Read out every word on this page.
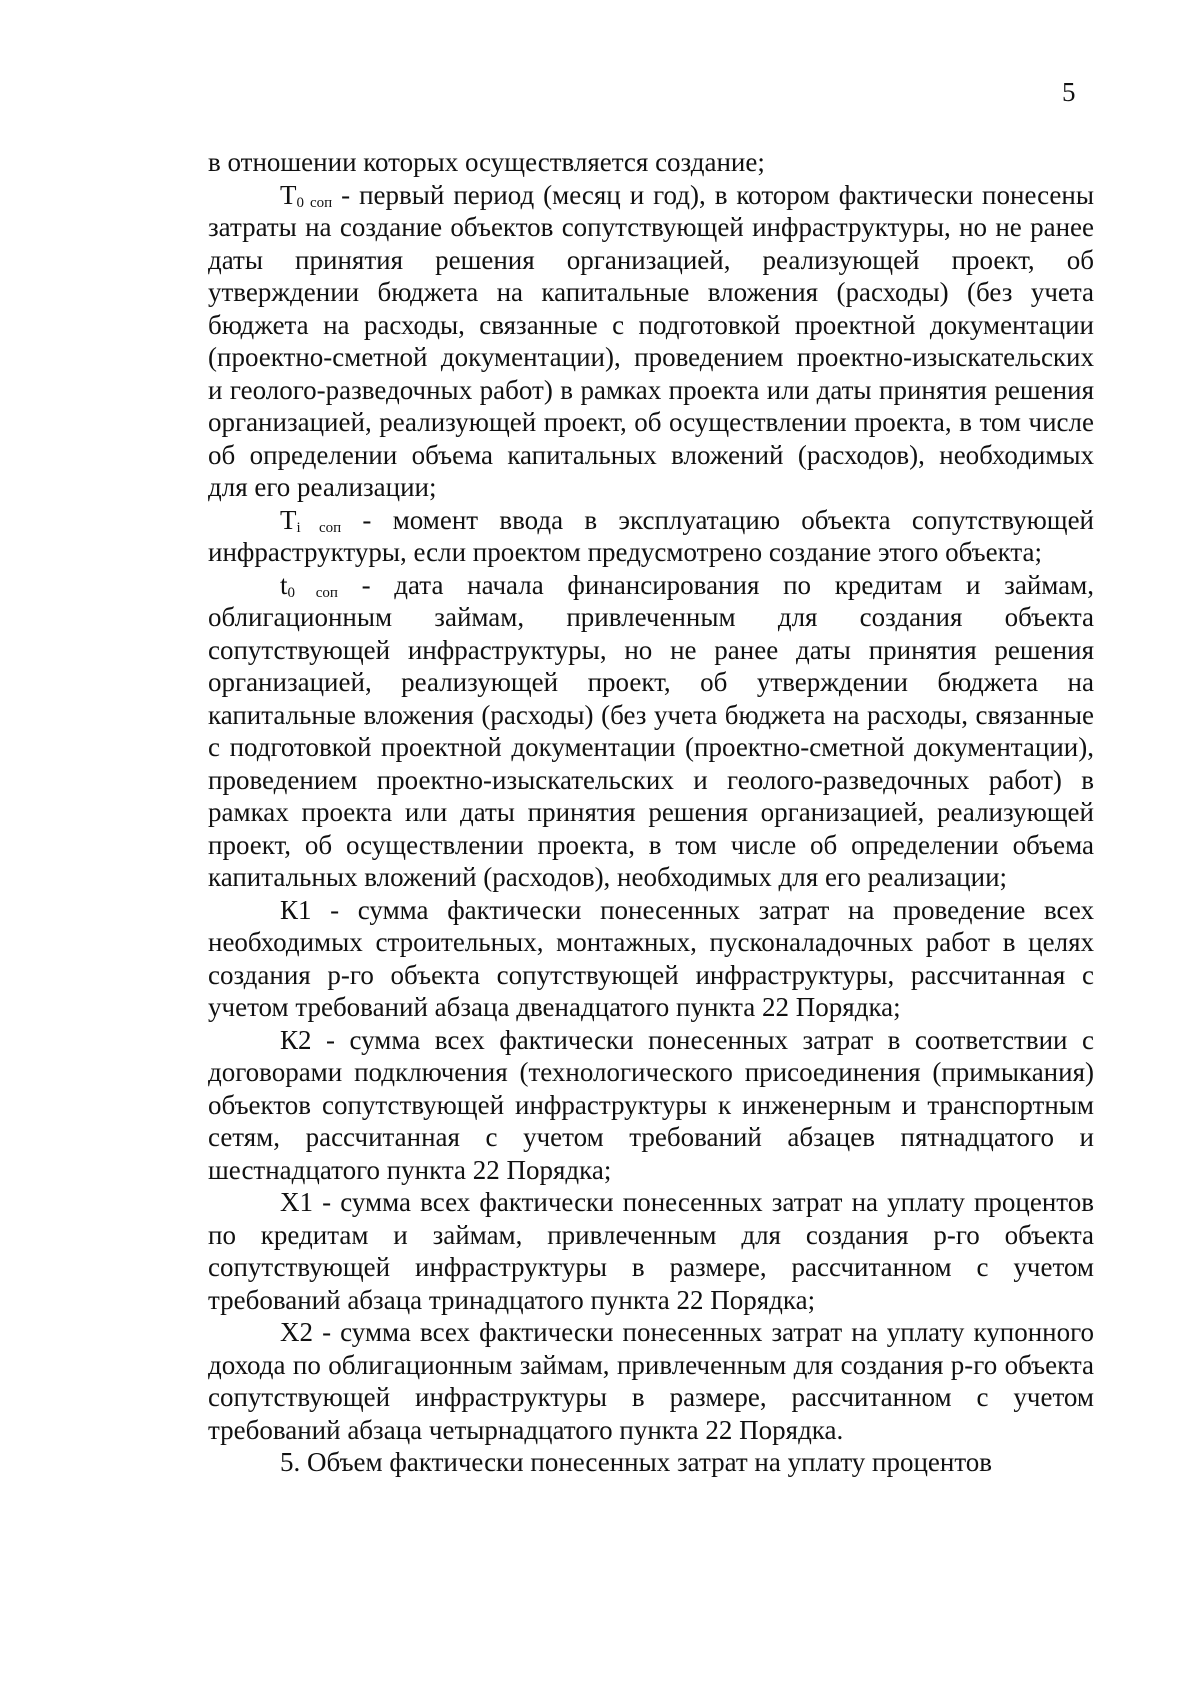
5

в отношении которых осуществляется создание;

$Т_{0 соп}$ - первый период (месяц и год), в котором фактически понесены затраты на создание объектов сопутствующей инфраструктуры, но не ранее даты принятия решения организацией, реализующей проект, об утверждении бюджета на капитальные вложения (расходы) (без учета бюджета на расходы, связанные с подготовкой проектной документации (проектно-сметной документации), проведением проектно-изыскательских и геолого-разведочных работ) в рамках проекта или даты принятия решения организацией, реализующей проект, об осуществлении проекта, в том числе об определении объема капитальных вложений (расходов), необходимых для его реализации;

$Т_{i соп}$ - момент ввода в эксплуатацию объекта сопутствующей инфраструктуры, если проектом предусмотрено создание этого объекта;

$t_{0 соп}$ - дата начала финансирования по кредитам и займам, облигационным займам, привлеченным для создания объекта сопутствующей инфраструктуры, но не ранее даты принятия решения организацией, реализующей проект, об утверждении бюджета на капитальные вложения (расходы) (без учета бюджета на расходы, связанные с подготовкой проектной документации (проектно-сметной документации), проведением проектно-изыскательских и геолого-разведочных работ) в рамках проекта или даты принятия решения организацией, реализующей проект, об осуществлении проекта, в том числе об определении объема капитальных вложений (расходов), необходимых для его реализации;

К1 - сумма фактически понесенных затрат на проведение всех необходимых строительных, монтажных, пусконаладочных работ в целях создания p-го объекта сопутствующей инфраструктуры, рассчитанная с учетом требований абзаца двенадцатого пункта 22 Порядка;

К2 - сумма всех фактически понесенных затрат в соответствии с договорами подключения (технологического присоединения (примыкания) объектов сопутствующей инфраструктуры к инженерным и транспортным сетям, рассчитанная с учетом требований абзацев пятнадцатого и шестнадцатого пункта 22 Порядка;

Х1 - сумма всех фактически понесенных затрат на уплату процентов по кредитам и займам, привлеченным для создания p-го объекта сопутствующей инфраструктуры в размере, рассчитанном с учетом требований абзаца тринадцатого пункта 22 Порядка;

Х2 - сумма всех фактически понесенных затрат на уплату купонного дохода по облигационным займам, привлеченным для создания p-го объекта сопутствующей инфраструктуры в размере, рассчитанном с учетом требований абзаца четырнадцатого пункта 22 Порядка.

5. Объем фактически понесенных затрат на уплату процентов
